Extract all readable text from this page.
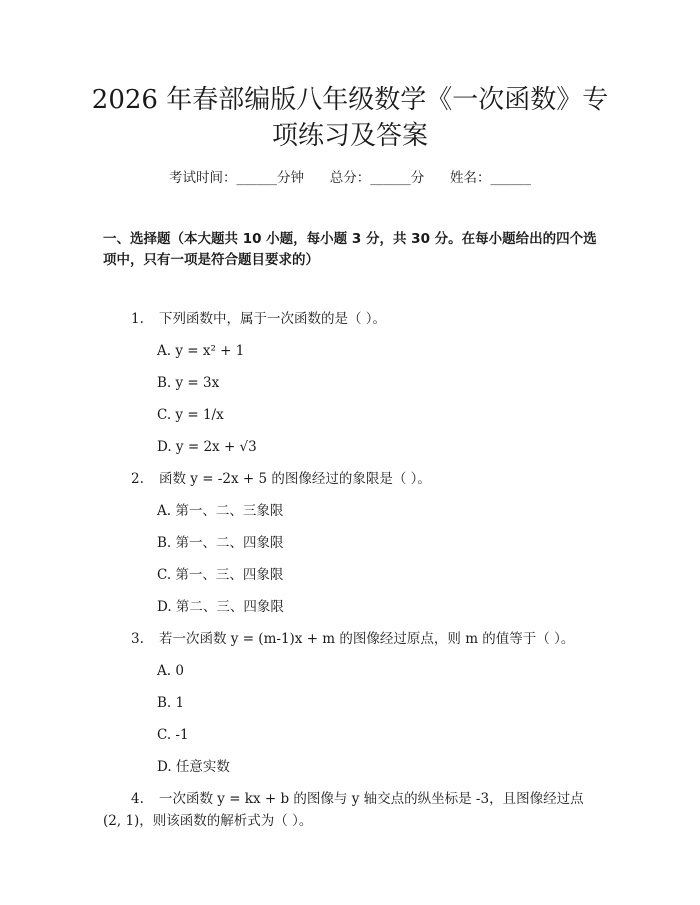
2026 年春部编版八年级数学《一次函数》专
项练习及答案
考试时间：______分钟 总分：______分 姓名：______
一、选择题（本大题共 10 小题，每小题 3 分，共 30 分。在每小题给出的四个选
项中，只有一项是符合题目要求的）
1. 下列函数中，属于一次函数的是（ ）。
A. y = x² + 1
B. y = 3x
C. y = 1/x
D. y = 2x + √3
2. 函数 y = -2x + 5 的图像经过的象限是（ ）。
A. 第一、二、三象限
B. 第一、二、四象限
C. 第一、三、四象限
D. 第二、三、四象限
3. 若一次函数 y = (m-1)x + m 的图像经过原点，则 m 的值等于（ ）。
A. 0
B. 1
C. -1
D. 任意实数
4. 一次函数 y = kx + b 的图像与 y 轴交点的纵坐标是 -3，且图像经过点
(2, 1)，则该函数的解析式为（ ）。
